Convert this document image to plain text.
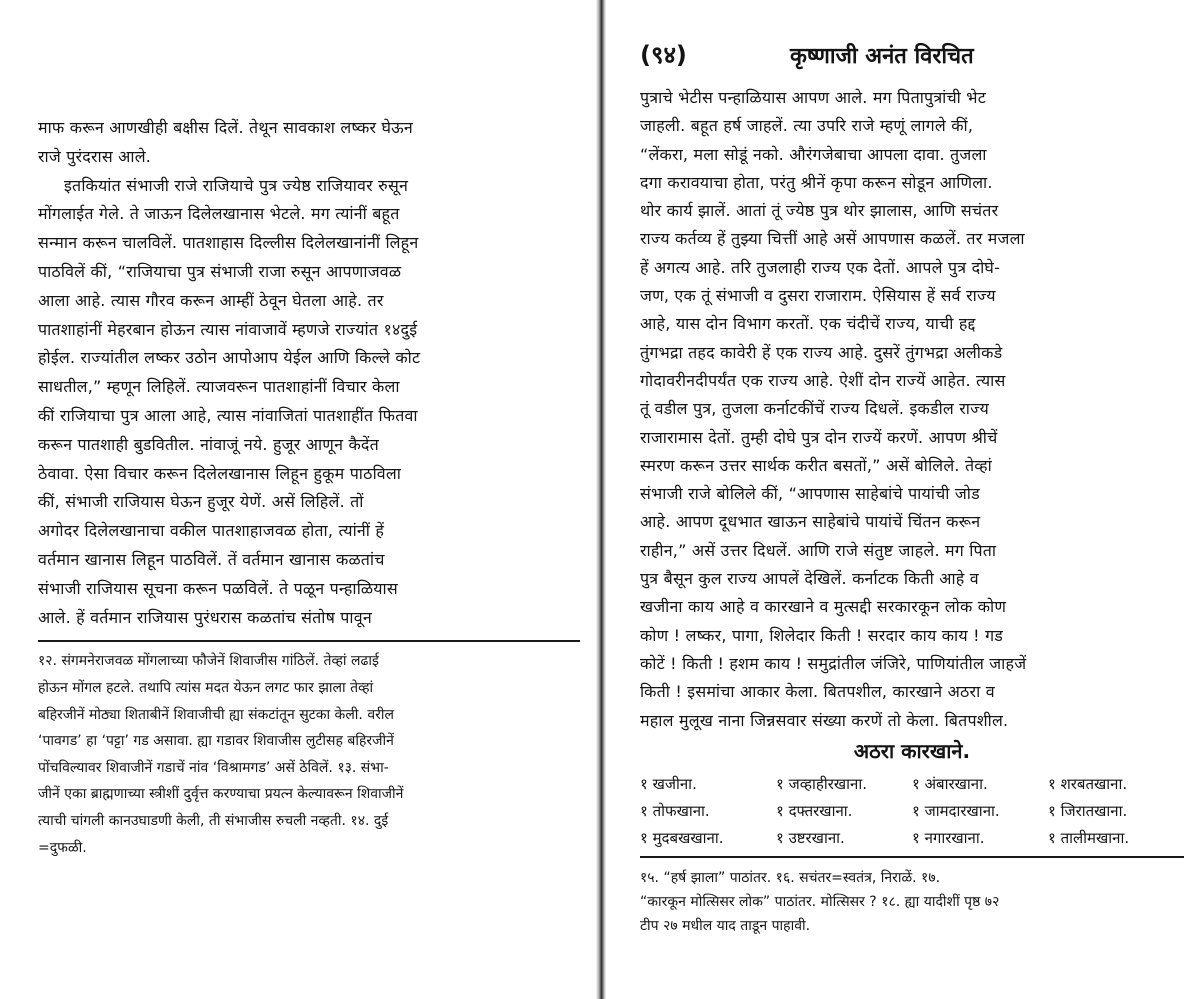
माफ करून आणखीही बक्षीस दिलें. तेथून सावकाश लष्कर घेऊन
राजे पुरंदरास आले.
इतकियांत संभाजी राजे राजियाचे पुत्र ज्येष्ठ राजियावर रुसून
मोंगलाईत गेले. ते जाऊन दिलेलखानास भेटले. मग त्यांनीं बहूत
सन्मान करून चालविलें. पातशाहास दिल्लीस दिलेलखानांनीं लिहून
पाठविलें कीं, “राजियाचा पुत्र संभाजी राजा रुसून आपणाजवळ
आला आहे. त्यास गौरव करून आम्हीं ठेवून घेतला आहे. तर
पातशाहांनीं मेहरबान होऊन त्यास नांवाजावें म्हणजे राज्यांत १४दुई
होईल. राज्यांतील लष्कर उठोन आपोआप येईल आणि किल्ले कोट
साधतील,” म्हणून लिहिलें. त्याजवरून पातशाहांनीं विचार केला
कीं राजियाचा पुत्र आला आहे, त्यास नांवाजितां पातशाहींत फितवा
करून पातशाही बुडवितील. नांवाजूं नये. हुजूर आणून कैदेंत
ठेवावा. ऐसा विचार करून दिलेलखानास लिहून हुकूम पाठविला
कीं, संभाजी राजियास घेऊन हुजूर येणें. असें लिहिलें. तों
अगोदर दिलेलखानाचा वकील पातशाहाजवळ होता, त्यांनीं हें
वर्तमान खानास लिहून पाठविलें. तें वर्तमान खानास कळतांच
संभाजी राजियास सूचना करून पळविलें. ते पळून पन्हाळियास
आले. हें वर्तमान राजियास पुरंधरास कळतांच संतोष पावून
१२. संगमनेराजवळ मोंगलाच्या फौजेनें शिवाजीस गांठिलें. तेव्हां लढाई
होऊन मोंगल हटले. तथापि त्यांस मदत येऊन लगट फार झाला तेव्हां
बहिरजीनें मोठ्या शिताबीनें शिवाजीची ह्या संकटांतून सुटका केली. वरील
‘पावगड’ हा ‘पट्टा’ गड असावा. ह्या गडावर शिवाजीस लुटीसह बहिरजीनें
पोंचविल्यावर शिवाजीनें गडाचें नांव ‘विश्रामगड’ असें ठेविलें. १३. संभा-
जीनें एका ब्राह्मणाच्या स्त्रीशीं दुर्वृत्त करण्याचा प्रयत्न केल्यावरून शिवाजीनें
त्याची चांगली कानउघाडणी केली, ती संभाजीस रुचली नव्हती. १४. दुई
=दुफळी.
(९४)	कृष्णाजी अनंत विरचित
पुत्राचे भेटीस पन्हाळियास आपण आले. मग पितापुत्रांची भेट
जाहली. बहूत हर्ष जाहलें. त्या उपरि राजे म्हणूं लागले कीं,
“लेंकरा, मला सोडूं नको. औरंगजेबाचा आपला दावा. तुजला
दगा करावयाचा होता, परंतु श्रीनें कृपा करून सोडून आणिला.
थोर कार्य झालें. आतां तूं ज्येष्ठ पुत्र थोर झालास, आणि सचंतर
राज्य कर्तव्य हें तुझ्या चित्तीं आहे असें आपणास कळलें. तर मजला
हें अगत्य आहे. तरि तुजलाही राज्य एक देतों. आपले पुत्र दोघे-
जण, एक तूं संभाजी व दुसरा राजाराम. ऐसियास हें सर्व राज्य
आहे, यास दोन विभाग करतों. एक चंदीचें राज्य, याची हद्द
तुंगभद्रा तहद कावेरी हें एक राज्य आहे. दुसरें तुंगभद्रा अलीकडे
गोदावरीनदीपर्यंत एक राज्य आहे. ऐशीं दोन राज्यें आहेत. त्यास
तूं वडील पुत्र, तुजला कर्नाटकींचें राज्य दिधलें. इकडील राज्य
राजारामास देतों. तुम्ही दोघे पुत्र दोन राज्यें करणें. आपण श्रीचें
स्मरण करून उत्तर सार्थक करीत बसतों,” असें बोलिले. तेव्हां
संभाजी राजे बोलिले कीं, “आपणास साहेबांचे पायांची जोड
आहे. आपण दूधभात खाऊन साहेबांचे पायांचें चिंतन करून
राहीन,” असें उत्तर दिधलें. आणि राजे संतुष्ट जाहले. मग पिता
पुत्र बैसून कुल राज्य आपलें देखिलें. कर्नाटक किती आहे व
खजीना काय आहे व कारखाने व मुत्सद्दी सरकारकून लोक कोण
कोण ! लष्कर, पागा, शिलेदार किती ! सरदार काय काय ! गड
कोटें ! किती ! हशम काय ! समुद्रांतील जंजिरे, पाणियांतील जाहजें
किती ! इसमांचा आकार केला. बितपशील, कारखाने अठरा व
महाल मुलूख नाना जिन्नसवार संख्या करणें तो केला. बितपशील.
अठरा कारखाने.
१ खजीना.	१ जव्हाहीरखाना.	१ अंबारखाना.	१ शरबतखाना.
१ तोफखाना.	१ दफ्तरखाना.	१ जामदारखाना.	१ जिरातखाना.
१ मुदबखखाना.	१ उष्टरखाना.	१ नगारखाना.	१ तालीमखाना.
१५. “हर्ष झाला” पाठांतर. १६. सचंतर=स्वतंत्र, निराळें. १७.
“कारकून मोत्सिसर लोक” पाठांतर. मोत्सिसर ? १८. ह्या यादीशीं पृष्ठ ७२
टीप २७ मधील याद ताडून पाहावी.
